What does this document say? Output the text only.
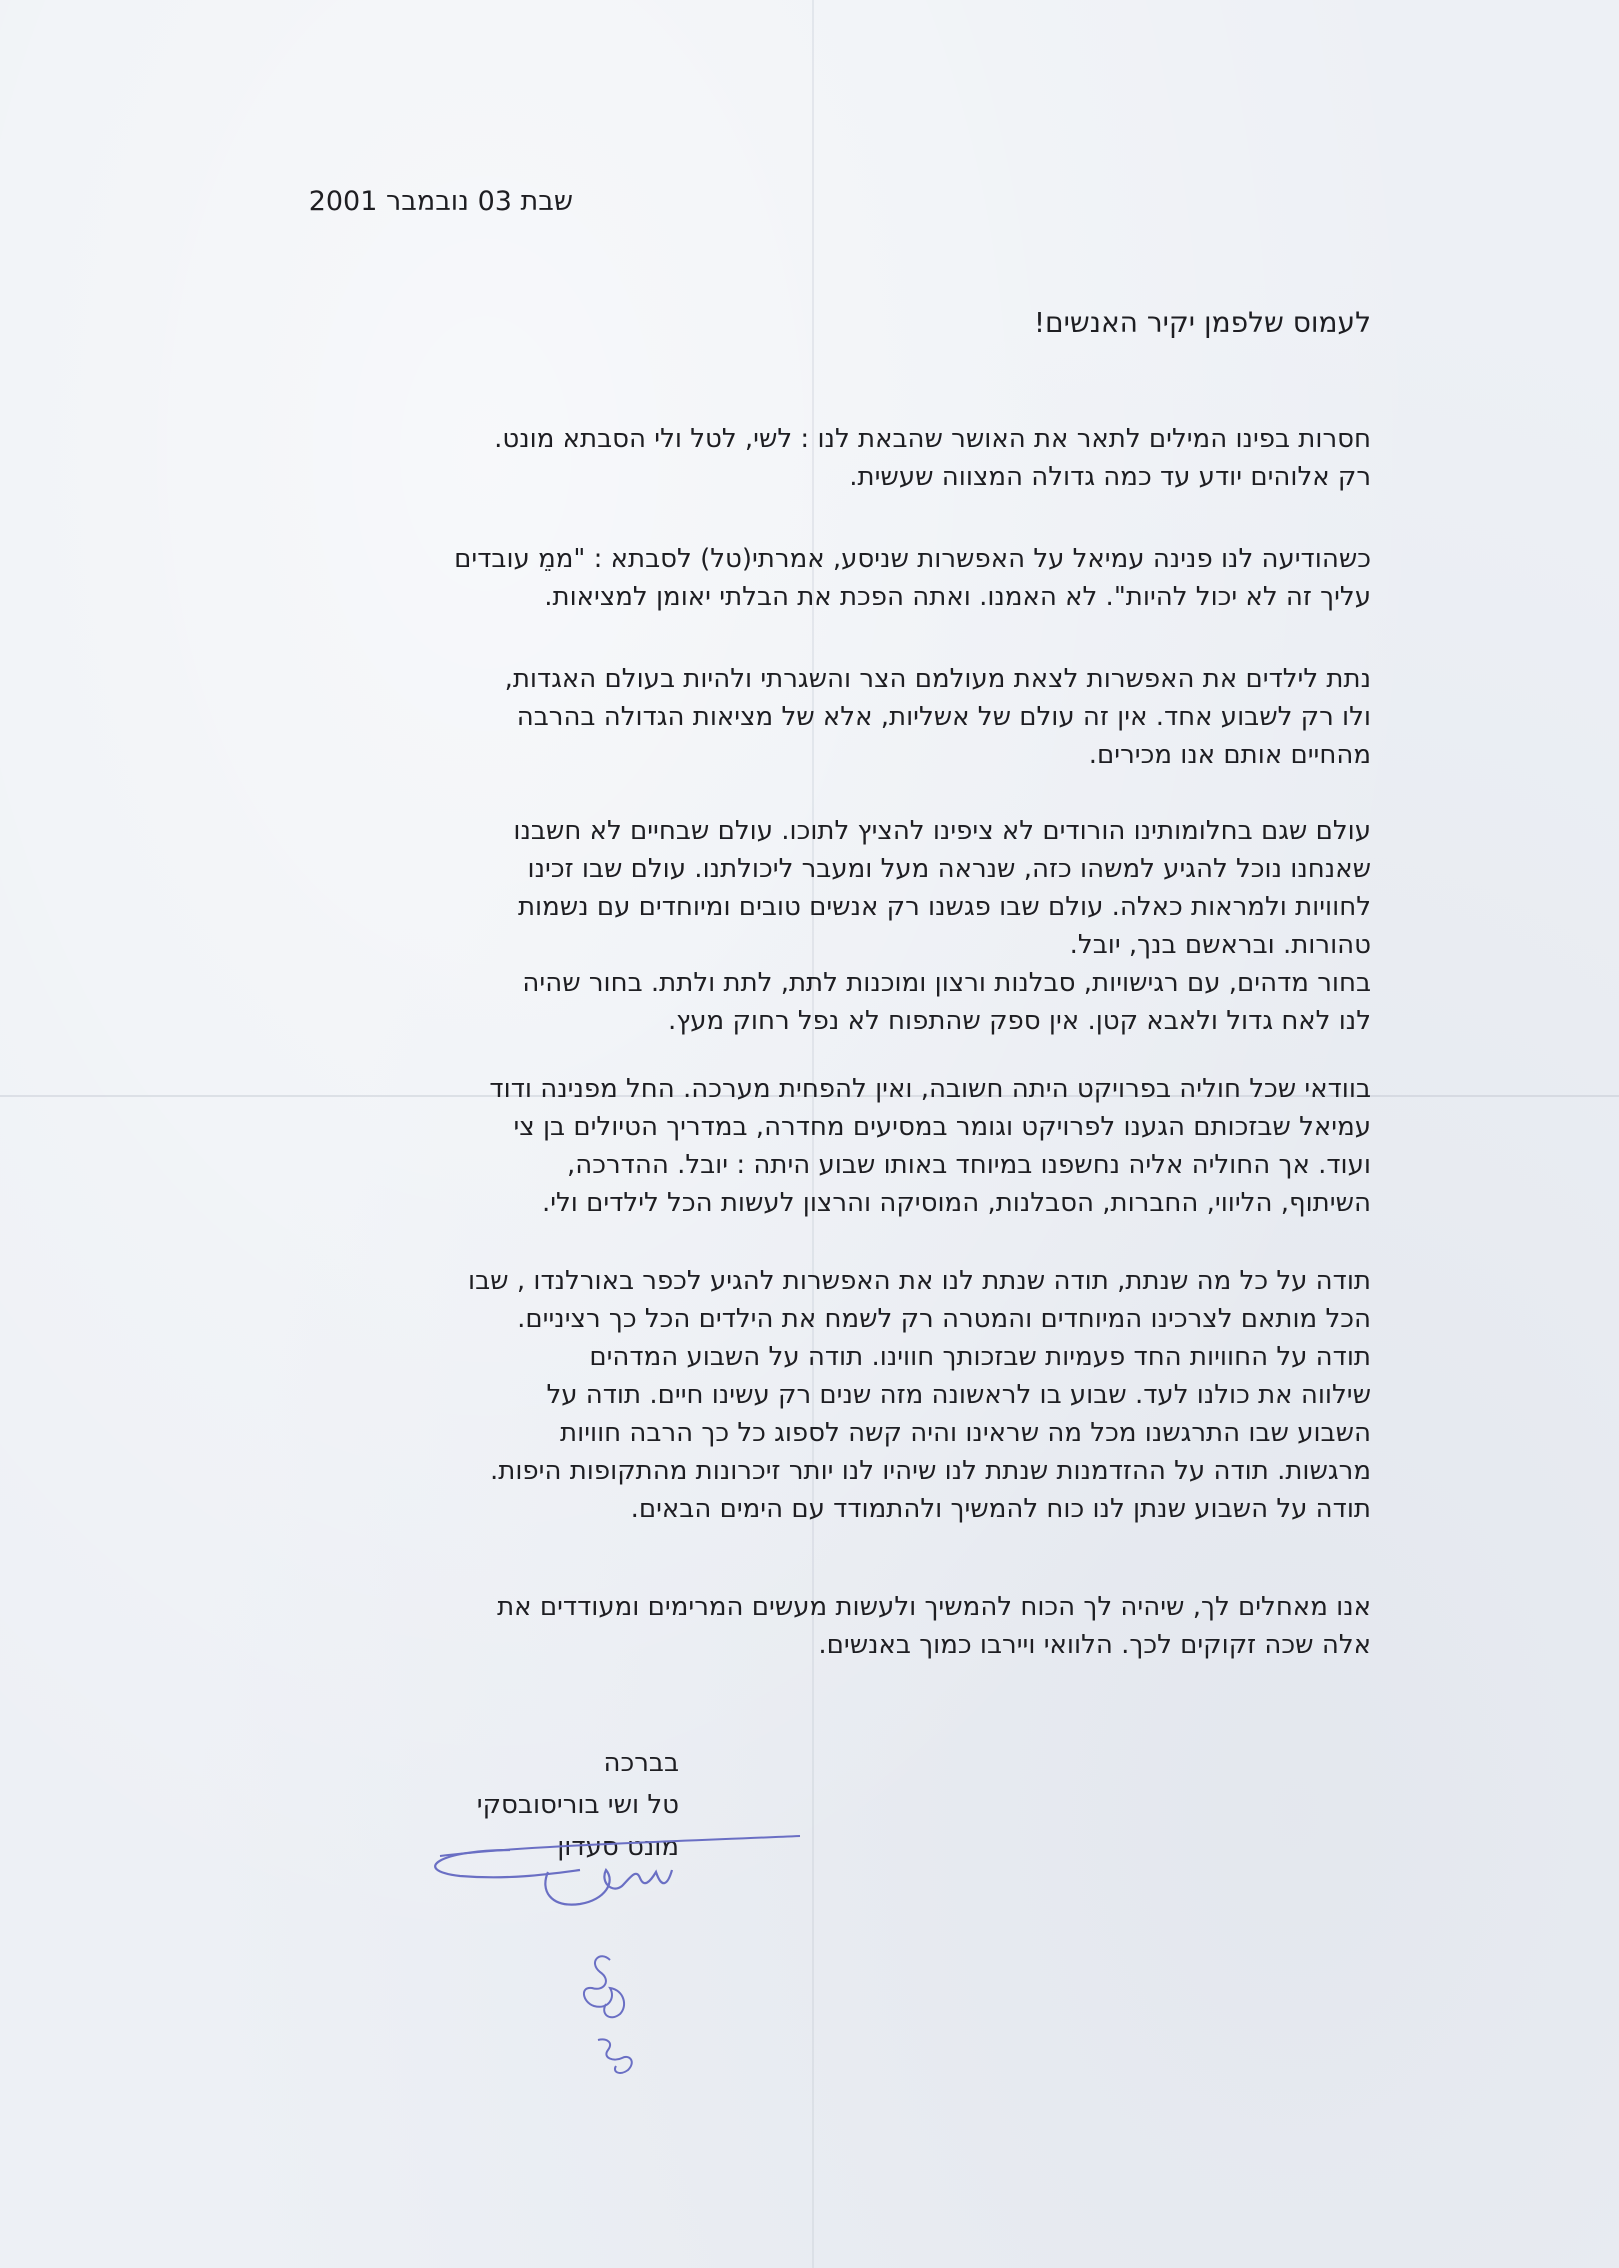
שבת 03 נובמבר 2001
לעמוס שלפמן יקיר האנשים!
חסרות בפינו המילים לתאר את האושר שהבאת לנו : לשי, לטל ולי הסבתא מונט.
רק אלוהים יודע עד כמה גדולה המצווה שעשית.
כשהודיעה לנו פנינה עמיאל על האפשרות שניסע, אמרתי(טל) לסבתא : "ממֵ עובדים
עליך זה לא יכול להיות". לא האמנו. ואתה הפכת את הבלתי יאומן למציאות.
נתת לילדים את האפשרות לצאת מעולמם הצר והשגרתי ולהיות בעולם האגדות,
ולו רק לשבוע אחד. אין זה עולם של אשליות, אלא של מציאות הגדולה בהרבה
מהחיים אותם אנו מכירים.
עולם שגם בחלומותינו הורודים לא ציפינו להציץ לתוכו. עולם שבחיים לא חשבנו
שאנחנו נוכל להגיע למשהו כזה, שנראה מעל ומעבר ליכולתנו. עולם שבו זכינו
לחוויות ולמראות כאלה. עולם שבו פגשנו רק אנשים טובים ומיוחדים עם נשמות
טהורות. ובראשם בנך, יובל.
בחור מדהים, עם רגישויות, סבלנות ורצון ומוכנות לתת, לתת ולתת. בחור שהיה
לנו לאח גדול ולאבא קטן. אין ספק שהתפוח לא נפל רחוק מעץ.
בוודאי שכל חוליה בפרויקט היתה חשובה, ואין להפחית מערכה. החל מפנינה ודוד
עמיאל שבזכותם הגענו לפרויקט וגומר במסיעים מחדרה, במדריך הטיולים בן צי
ועוד. אך החוליה אליה נחשפנו במיוחד באותו שבוע היתה : יובל. ההדרכה,
השיתוף, הליווי, החברות, הסבלנות, המוסיקה והרצון לעשות הכל לילדים ולי.
תודה על כל מה שנתת, תודה שנתת לנו את האפשרות להגיע לכפר באורלנדו , שבו
הכל מותאם לצרכינו המיוחדים והמטרה רק לשמח את הילדים הכל כך רציניים.
תודה על החוויות החד פעמיות שבזכותך חווינו. תודה על השבוע המדהים
שילווה את כולנו לעד. שבוע בו לראשונה מזה שנים רק עשינו חיים. תודה על
השבוע שבו התרגשנו מכל מה שראינו והיה קשה לספוג כל כך הרבה חוויות
מרגשות. תודה על ההזדמנות שנתת לנו שיהיו לנו יותר זיכרונות מהתקופות היפות.
תודה על השבוע שנתן לנו כוח להמשיך ולהתמודד עם הימים הבאים.
אנו מאחלים לך, שיהיה לך הכוח להמשיך ולעשות מעשים המרימים ומעודדים את
אלה שכה זקוקים לכך. הלוואי ויירבו כמוך באנשים.
בברכה
טל ושי בוריסובסקי
מונט סעדון
